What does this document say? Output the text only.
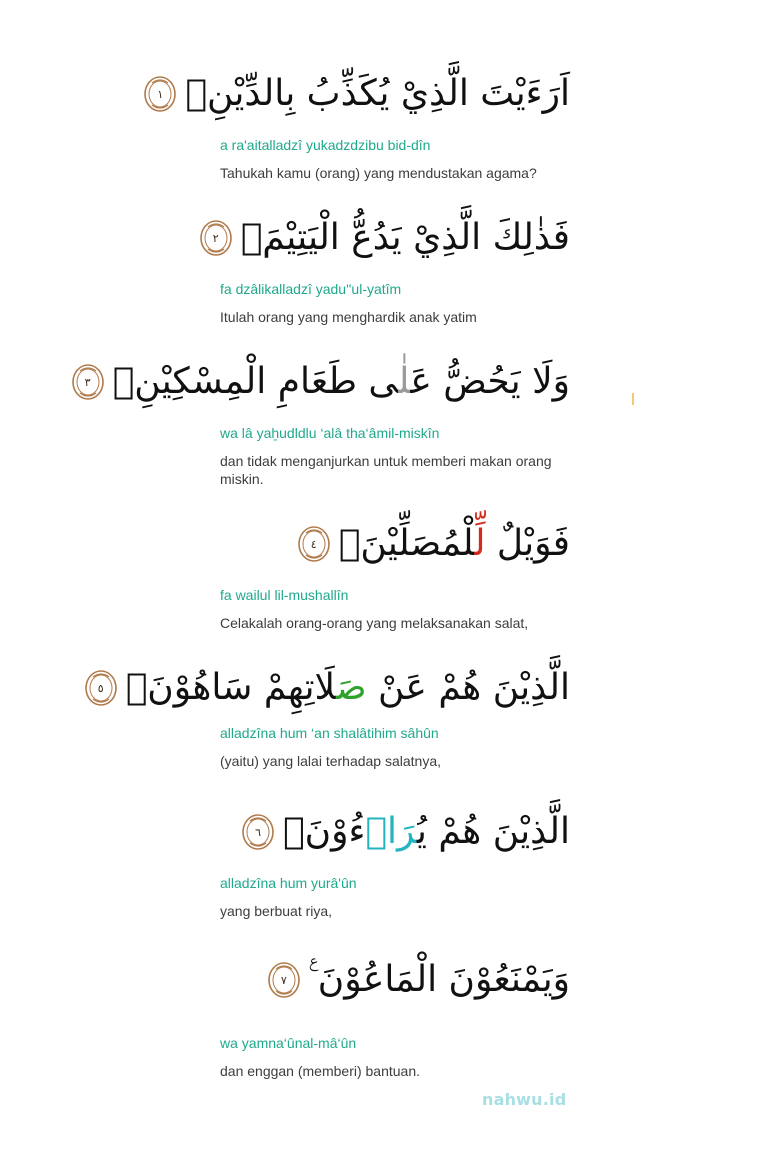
اَرَءَيْتَ الَّذِيْ يُكَذِّبُ بِالدِّيْنِۗ
١
a ra'aitalladzî yukadzdzibu bid-dîn
Tahukah kamu (orang) yang mendustakan agama?
فَذٰلِكَ الَّذِيْ يَدُعُّ الْيَتِيْمَۙ
٢
fa dzâlikalladzî yadu''ul-yatîm
Itulah orang yang menghardik anak yatim
وَلَا يَحُضُّ عَلٰى طَعَامِ الْمِسْكِيْنِۗ
٣
wa lâ yaẖudldlu ‘alâ tha‘âmil-miskîn
dan tidak menganjurkan untuk memberi makan orang miskin.
فَوَيْلٌ لِّلْمُصَلِّيْنَۙ
٤
fa wailul lil-mushallîn
Celakalah orang-orang yang melaksanakan salat,
الَّذِيْنَ هُمْ عَنْ صَلَاتِهِمْ سَاهُوْنَۙ
٥
alladzîna hum ‘an shalâtihim sâhûn
(yaitu) yang lalai terhadap salatnya,
الَّذِيْنَ هُمْ يُرَاۤءُوْنَۙ
٦
alladzîna hum yurâ'ûn
yang berbuat riya,
وَيَمْنَعُوْنَ الْمَاعُوْنَ ࣖ
٧
wa yamna‘ûnal-mâ‘ûn
dan enggan (memberi) bantuan.
nahwu.id
